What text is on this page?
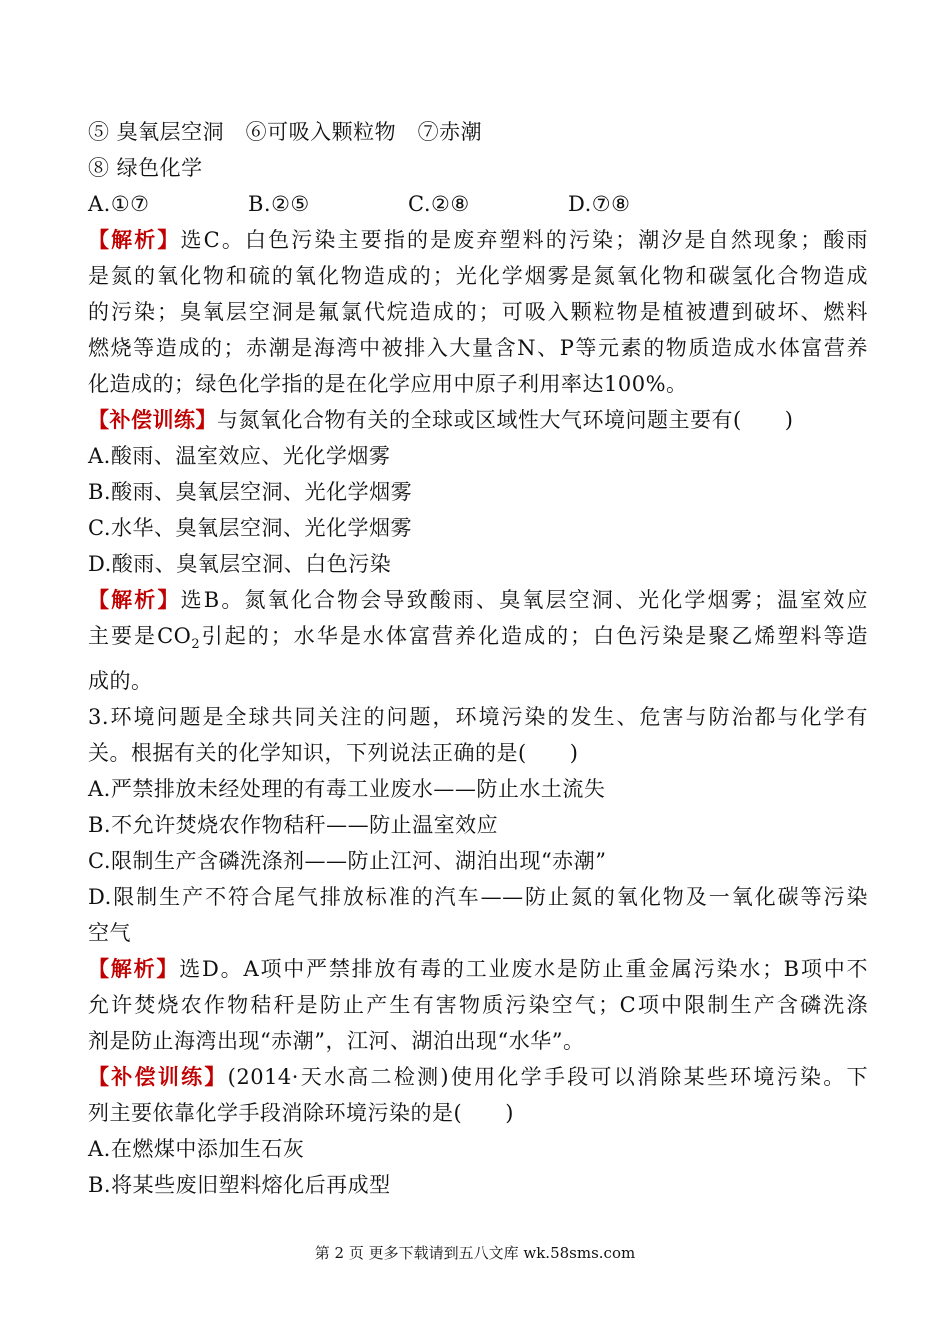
⑤ 臭氧层空洞　⑥可吸入颗粒物　⑦赤潮
⑧ 绿色化学
A.①⑦	B.②⑤	C.②⑧	D.⑦⑧
【解析】选C。白色污染主要指的是废弃塑料的污染；潮汐是自然现象；酸雨
是氮的氧化物和硫的氧化物造成的；光化学烟雾是氮氧化物和碳氢化合物造成
的污染；臭氧层空洞是氟氯代烷造成的；可吸入颗粒物是植被遭到破坏、燃料
燃烧等造成的；赤潮是海湾中被排入大量含N、P等元素的物质造成水体富营养
化造成的；绿色化学指的是在化学应用中原子利用率达100%。
【补偿训练】与氮氧化合物有关的全球或区域性大气环境问题主要有(　　)
A.酸雨、温室效应、光化学烟雾
B.酸雨、臭氧层空洞、光化学烟雾
C.水华、臭氧层空洞、光化学烟雾
D.酸雨、臭氧层空洞、白色污染
【解析】选B。氮氧化合物会导致酸雨、臭氧层空洞、光化学烟雾；温室效应
主要是$CO_2$引起的；水华是水体富营养化造成的；白色污染是聚乙烯塑料等造
成的。
3.环境问题是全球共同关注的问题，环境污染的发生、危害与防治都与化学有
关。根据有关的化学知识，下列说法正确的是(　　)
A.严禁排放未经处理的有毒工业废水——防止水土流失
B.不允许焚烧农作物秸秆——防止温室效应
C.限制生产含磷洗涤剂——防止江河、湖泊出现“赤潮”
D.限制生产不符合尾气排放标准的汽车——防止氮的氧化物及一氧化碳等污染
空气
【解析】选D。A项中严禁排放有毒的工业废水是防止重金属污染水；B项中不
允许焚烧农作物秸秆是防止产生有害物质污染空气；C项中限制生产含磷洗涤
剂是防止海湾出现“赤潮”，江河、湖泊出现“水华”。
【补偿训练】(2014·天水高二检测)使用化学手段可以消除某些环境污染。下
列主要依靠化学手段消除环境污染的是(　　)
A.在燃煤中添加生石灰
B.将某些废旧塑料熔化后再成型
第 2 页 更多下载请到五八文库 wk.58sms.com
